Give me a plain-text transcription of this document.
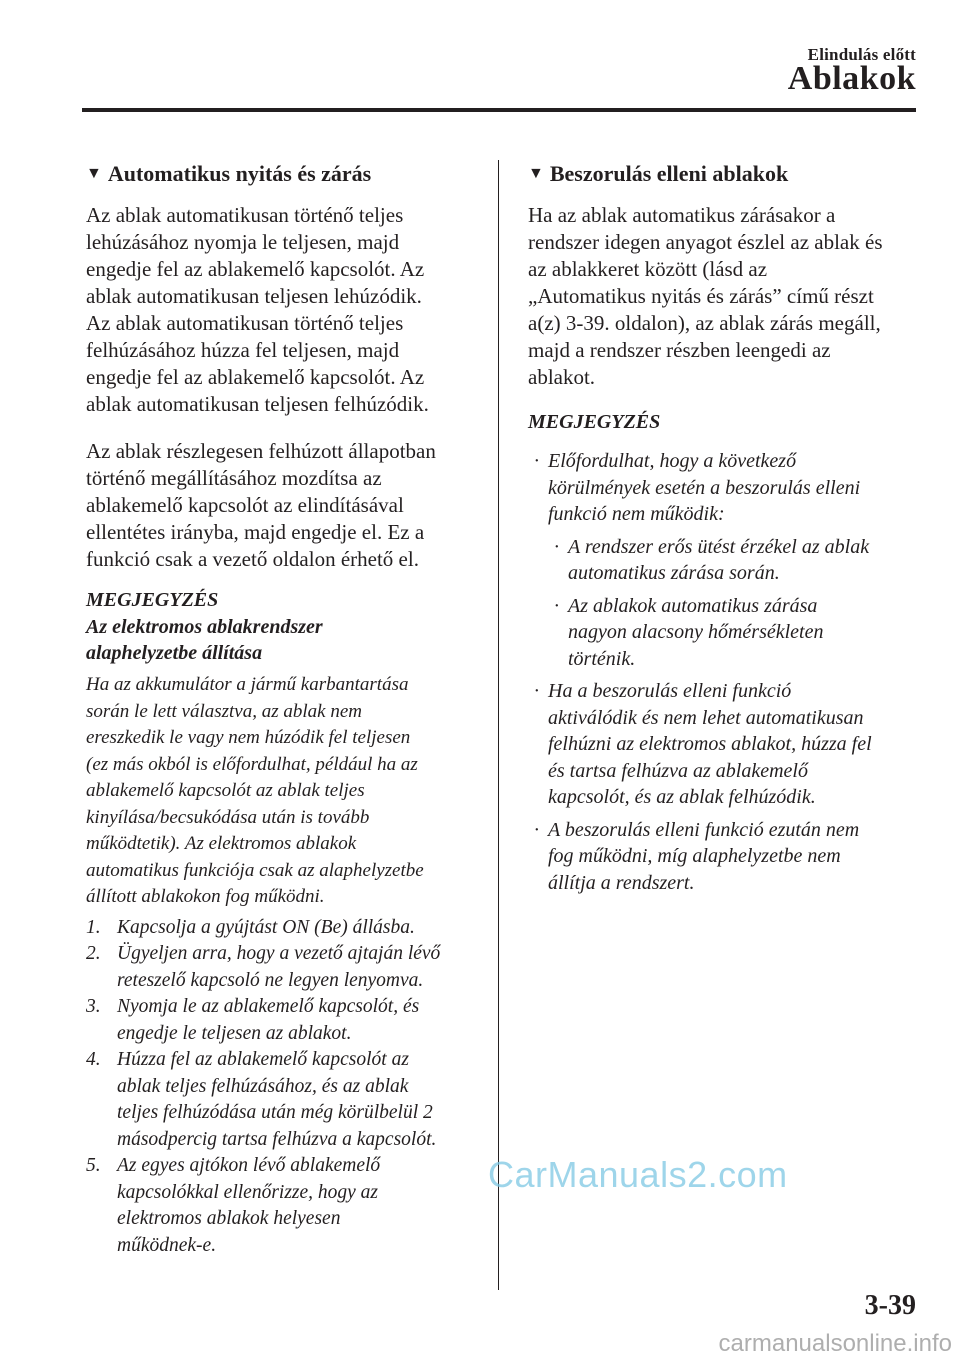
Elindulás előtt
Ablakok
▼ Automatikus nyitás és zárás
Az ablak automatikusan történő teljes
lehúzásához nyomja le teljesen, majd
engedje fel az ablakemelő kapcsolót. Az
ablak automatikusan teljesen lehúzódik.
Az ablak automatikusan történő teljes
felhúzásához húzza fel teljesen, majd
engedje fel az ablakemelő kapcsolót. Az
ablak automatikusan teljesen felhúzódik.
Az ablak részlegesen felhúzott állapotban
történő megállításához mozdítsa az
ablakemelő kapcsolót az elindításával
ellentétes irányba, majd engedje el. Ez a
funkció csak a vezető oldalon érhető el.
MEGJEGYZÉS
Az elektromos ablakrendszer
alaphelyzetbe állítása
Ha az akkumulátor a jármű karbantartása
során le lett választva, az ablak nem
ereszkedik le vagy nem húzódik fel teljesen
(ez más okból is előfordulhat, például ha az
ablakemelő kapcsolót az ablak teljes
kinyílása/becsukódása után is tovább
működtetik). Az elektromos ablakok
automatikus funkciója csak az alaphelyzetbe
állított ablakokon fog működni.
1. Kapcsolja a gyújtást ON (Be) állásba.
2. Ügyeljen arra, hogy a vezető ajtaján lévő
reteszelő kapcsoló ne legyen lenyomva.
3. Nyomja le az ablakemelő kapcsolót, és
engedje le teljesen az ablakot.
4. Húzza fel az ablakemelő kapcsolót az
ablak teljes felhúzásához, és az ablak
teljes felhúzódása után még körülbelül 2
másodpercig tartsa felhúzva a kapcsolót.
5. Az egyes ajtókon lévő ablakemelő
kapcsolókkal ellenőrizze, hogy az
elektromos ablakok helyesen
működnek-e.
▼ Beszorulás elleni ablakok
Ha az ablak automatikus zárásakor a
rendszer idegen anyagot észlel az ablak és
az ablakkeret között (lásd az
„Automatikus nyitás és zárás” című részt
a(z) 3-39. oldalon), az ablak zárás megáll,
majd a rendszer részben leengedi az
ablakot.
MEGJEGYZÉS
· Előfordulhat, hogy a következő
körülmények esetén a beszorulás elleni
funkció nem működik:
· A rendszer erős ütést érzékel az ablak
automatikus zárása során.
· Az ablakok automatikus zárása
nagyon alacsony hőmérsékleten
történik.
· Ha a beszorulás elleni funkció
aktiválódik és nem lehet automatikusan
felhúzni az elektromos ablakot, húzza fel
és tartsa felhúzva az ablakemelő
kapcsolót, és az ablak felhúzódik.
· A beszorulás elleni funkció ezután nem
fog működni, míg alaphelyzetbe nem
állítja a rendszert.
CarManuals2.com
3-39
carmanualsonline.info
